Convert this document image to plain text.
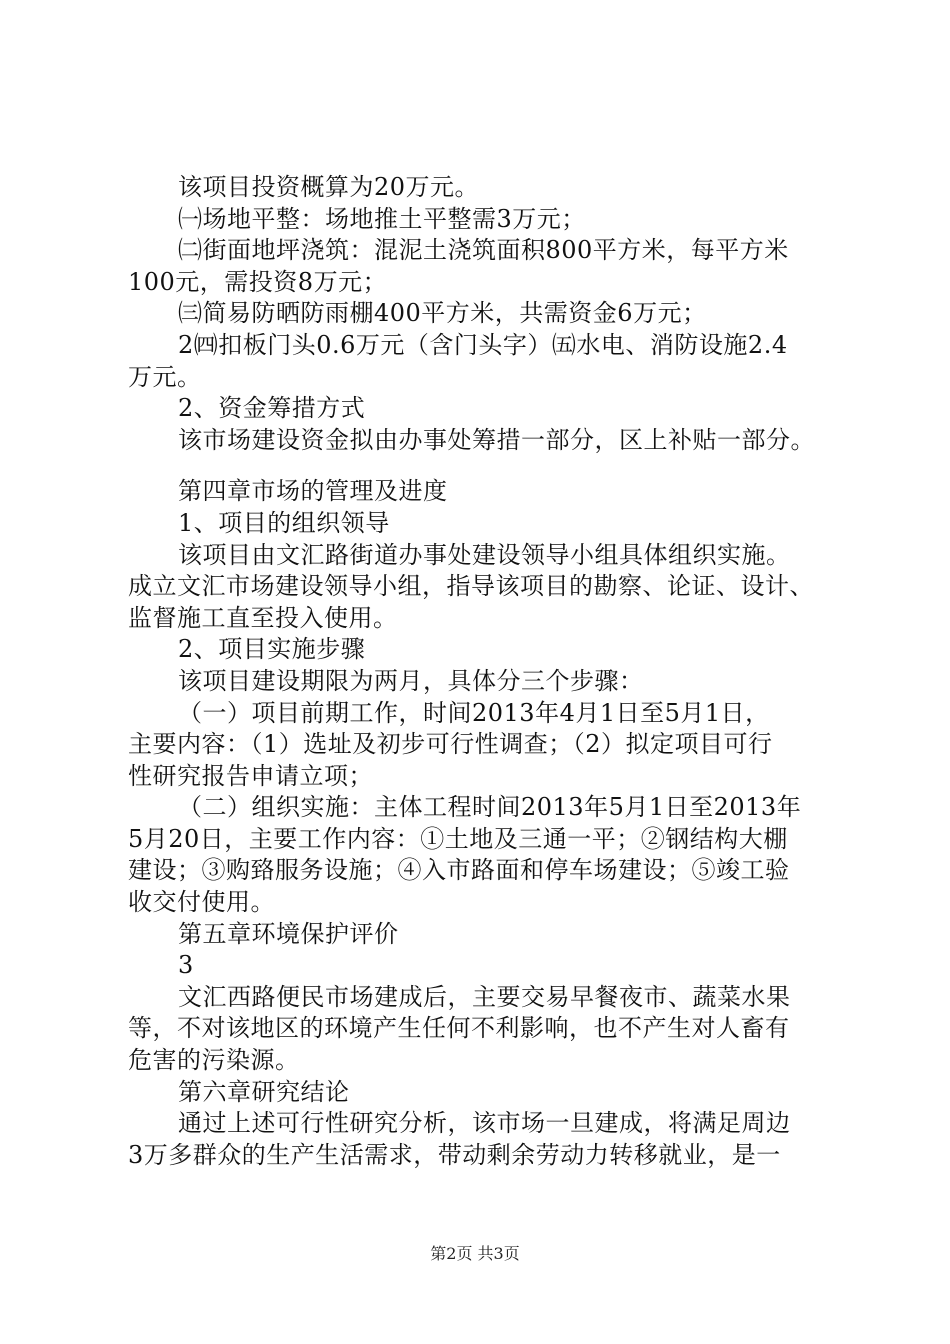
该项目投资概算为20万元。
㈠场地平整：场地推土平整需3万元；
㈡街面地坪浇筑：混泥土浇筑面积800平方米，每平方米
100元，需投资8万元；
㈢简易防晒防雨棚400平方米，共需资金6万元；
2㈣扣板门头0.6万元（含门头字）㈤水电、消防设施2.4
万元。
2、资金筹措方式
该市场建设资金拟由办事处筹措一部分，区上补贴一部分。
第四章市场的管理及进度
1、项目的组织领导
该项目由文汇路街道办事处建设领导小组具体组织实施。
成立文汇市场建设领导小组，指导该项目的勘察、论证、设计、
监督施工直至投入使用。
2、项目实施步骤
该项目建设期限为两月，具体分三个步骤：
（一）项目前期工作，时间2013年4月1日至5月1日，
主要内容：（1）选址及初步可行性调查；（2）拟定项目可行
性研究报告申请立项；
（二）组织实施：主体工程时间2013年5月1日至2013年
5月20日，主要工作内容：①土地及三通一平；②钢结构大棚
建设；③购臵服务设施；④入市路面和停车场建设；⑤竣工验
收交付使用。
第五章环境保护评价
3
文汇西路便民市场建成后，主要交易早餐夜市、蔬菜水果
等，不对该地区的环境产生任何不利影响，也不产生对人畜有
危害的污染源。
第六章研究结论
通过上述可行性研究分析，该市场一旦建成，将满足周边
3万多群众的生产生活需求，带动剩余劳动力转移就业，是一
第2页 共3页
